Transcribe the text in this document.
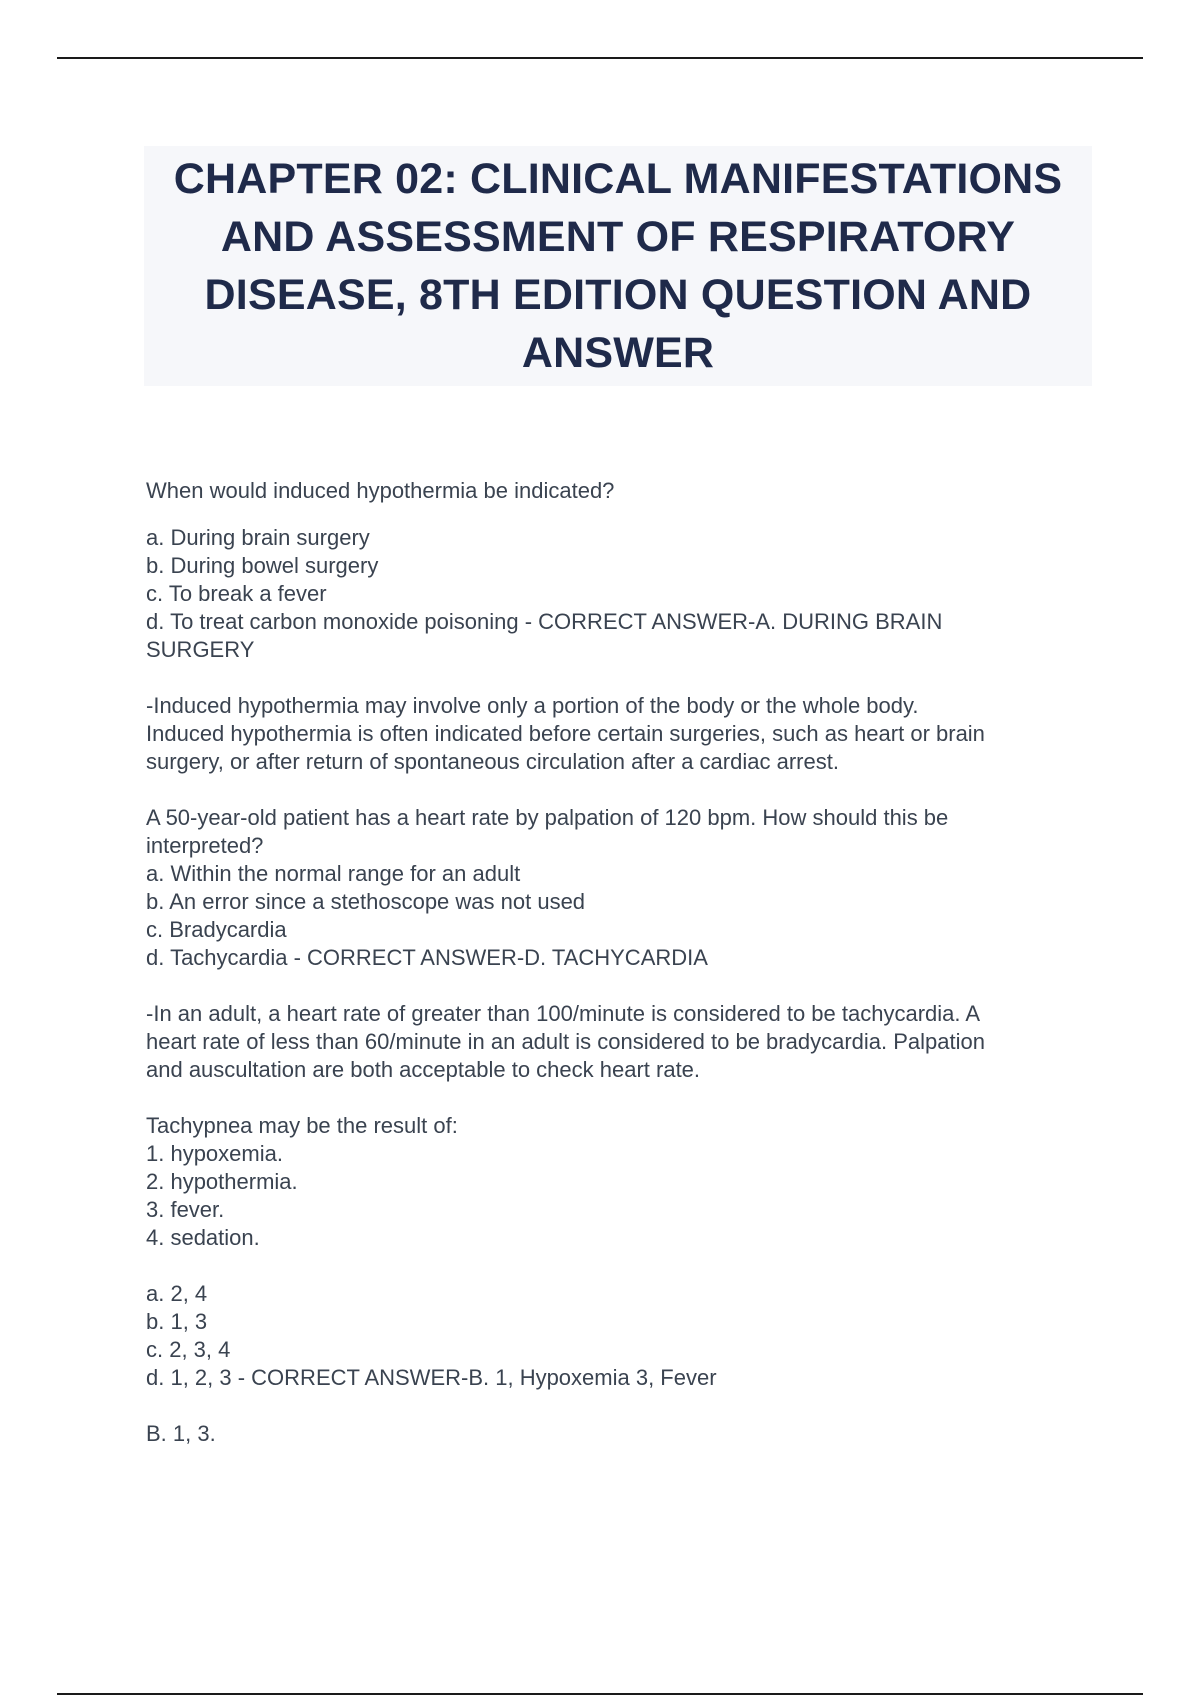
CHAPTER 02: CLINICAL MANIFESTATIONS AND ASSESSMENT OF RESPIRATORY DISEASE, 8TH EDITION QUESTION AND ANSWER
When would induced hypothermia be indicated?
a. During brain surgery
b. During bowel surgery
c. To break a fever
d. To treat carbon monoxide poisoning - CORRECT ANSWER-A. DURING BRAIN
SURGERY
-Induced hypothermia may involve only a portion of the body or the whole body.
Induced hypothermia is often indicated before certain surgeries, such as heart or brain
surgery, or after return of spontaneous circulation after a cardiac arrest.
A 50-year-old patient has a heart rate by palpation of 120 bpm. How should this be
interpreted?
a. Within the normal range for an adult
b. An error since a stethoscope was not used
c. Bradycardia
d. Tachycardia - CORRECT ANSWER-D. TACHYCARDIA
-In an adult, a heart rate of greater than 100/minute is considered to be tachycardia. A
heart rate of less than 60/minute in an adult is considered to be bradycardia. Palpation
and auscultation are both acceptable to check heart rate.
Tachypnea may be the result of:
1. hypoxemia.
2. hypothermia.
3. fever.
4. sedation.
a. 2, 4
b. 1, 3
c. 2, 3, 4
d. 1, 2, 3 - CORRECT ANSWER-B. 1, Hypoxemia 3, Fever
B. 1, 3.
